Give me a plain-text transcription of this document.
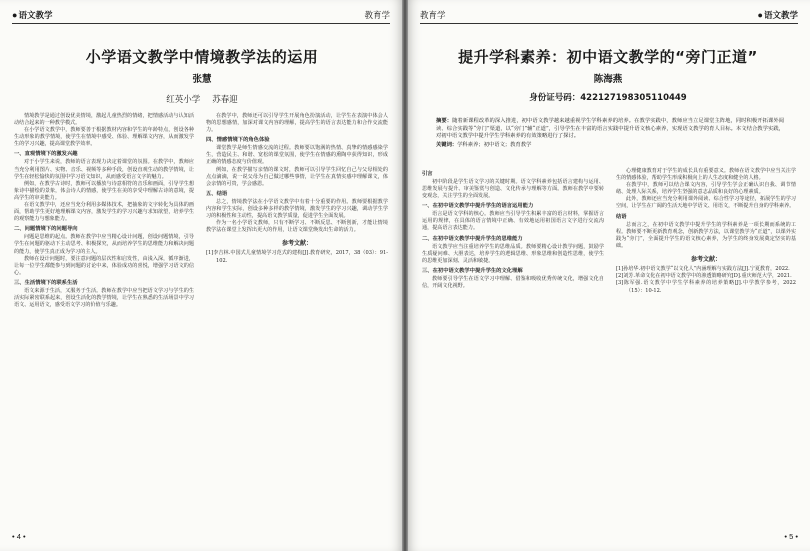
●语文教学	教育学
小学语文教学中情境教学法的运用
张慧
红英小学 苏春迎

情境教学是通过创设优美情境，激起儿童热烈的情绪，把情感活动与认知活动结合起来的一种教学模式。

在小学语文教学中，教师要善于根据教材内容和学生的年龄特点，创设各种生动形象的教学情境，使学生在情境中感受、体验、理解课文内容，从而激发学生的学习兴趣，提高课堂教学效率。

一、直观情境下的激发兴趣

对于小学生来说，教师的语言表现力决定着课堂的氛围。在教学中，教师应当充分利用图片、实物、音乐、视频等多种手段，创设直观生动的教学情境，让学生在轻松愉快的氛围中学习语文知识，从而感受语言文字的魅力。

例如，在教学古诗时，教师可以播放与诗意相符的音乐和画面，引导学生想象诗中描绘的景象，体会诗人的情感，使学生在美的享受中理解古诗的意境，提高学生的审美能力。

在语文教学中，还应当充分利用多媒体技术，把抽象的文字转化为具体的画面，帮助学生更好地理解课文内容，激发学生的学习兴趣与求知欲望，培养学生的观察能力与想象能力。

二、问题情境下的问题导向

问题是思维的起点。教师在教学中应当精心设计问题，创设问题情境，引导学生在问题的驱动下主动思考、积极探究，从而培养学生的思维能力和解决问题的能力，使学生真正成为学习的主人。

教师在设计问题时，要注意问题的层次性和启发性，由浅入深，循序渐进，让每一位学生都能参与到问题的讨论中来，体验成功的喜悦，增强学习语文的信心。

三、生活情境下的联系生活

语文来源于生活，又服务于生活。教师在教学中应当把语文学习与学生的生活实际紧密联系起来，创设生活化的教学情境，让学生在熟悉的生活场景中学习语文、运用语文，感受语文学习的价值与乐趣。

在教学中，教师还可以引导学生开展角色扮演活动，让学生在表演中体会人物的思想感情，加深对课文内容的理解，提高学生的语言表达能力和合作交流能力。

四、情感情境下的角色体验

课堂教学是师生情感交流的过程。教师要以饱满的热情、真挚的情感感染学生，营造民主、和谐、宽松的课堂氛围，使学生在情感的熏陶中获得知识，形成正确的情感态度与价值观。

例如，在教学描写亲情的课文时，教师可以引导学生回忆自己与父母相处的点点滴滴，说一说父母为自己做过哪些事情，让学生在真情实感中理解课文，体会亲情的可贵，学会感恩。

五、结语

总之，情境教学法在小学语文教学中有着十分重要的作用。教师要根据教学内容和学生实际，创设多种多样的教学情境，激发学生的学习兴趣，调动学生学习的积极性和主动性，提高语文教学质量，促进学生全面发展。

作为一名小学语文教师，只有不断学习、不断反思、不断创新，才能让情境教学法在课堂上发挥出更大的作用，让语文课堂焕发出生命的活力。

参考文献：
[1]李吉林.中国式儿童情境学习范式的建构[J].教育研究，2017，38（03）：91-102.
• 4 •
教育学	●语文教学
提升学科素养：初中语文教学的“旁门正道”
陈海燕
身份证号码：422127198305110449
摘要：随着新课程改革的深入推进，初中语文教学越来越重视学生学科素养的培养。在教学实践中，教师应当立足课堂主阵地，同时积极开拓课外阅读、综合实践等“旁门”渠道，以“旁门”辅“正道”，引导学生在丰富的语言实践中提升语文核心素养，实现语文教学的育人目标。本文结合教学实践，对初中语文教学中提升学生学科素养的有效策略进行了探讨。
关键词：学科素养；初中语文；教育教学
引言

初中阶段是学生语文学习的关键时期。语文学科素养包括语言建构与运用、思维发展与提升、审美鉴赏与创造、文化传承与理解等方面。教师在教学中要转变观念，关注学生的全面发展。

一、在初中语文教学中提升学生的语言运用能力

语言是语文学科的核心。教师应当引导学生积累丰富的语言材料，掌握语言运用的规律，在具体的语言情境中正确、有效地运用祖国语言文字进行交流沟通，提高语言表达能力。

二、在初中语文教学中提升学生的思维能力

语文教学应当注重培养学生的思维品质。教师要精心设计教学问题，鼓励学生质疑问难、大胆表达，培养学生的逻辑思维、形象思维和创造性思维，使学生的思维更加深刻、灵活和敏捷。

三、在初中语文教学中提升学生的文化理解

教师要引导学生在语文学习中理解、借鉴和吸收优秀传统文化，增强文化自信，开阔文化视野。

心理健康教育对于学生的成长具有重要意义。教师在语文教学中应当关注学生的情感体验，帮助学生形成积极向上的人生态度和健全的人格。

在教学中，教师可以结合课文内容，引导学生学会正确认识自我、调节情绪、处理人际关系，培养学生坚强的意志品质和良好的心理素质。

此外，教师还应当充分利用课外阅读、综合性学习等途径，拓展学生的学习空间，让学生在广阔的生活天地中学语文、用语文，不断提升自身的学科素养。

结语

总而言之，在初中语文教学中提升学生的学科素养是一项长期而系统的工程。教师要不断更新教育观念，创新教学方法，以课堂教学为“正道”，以课外实践为“旁门”，全面提升学生的语文核心素养，为学生的终身发展奠定坚实的基础。

参考文献：
[1]孙培华.初中语文教学“以文化人”内涵理解与实践方法[J].宁夏教育，2022.
[2]刘芳.革命文化在初中语文教学中的渗透策略研究[D].重庆师范大学，2021.
[3]陈军强.语文教学中学生学科素养的培养策略[J].中学教学参考，2022（15）：10-12.
• 5 •
